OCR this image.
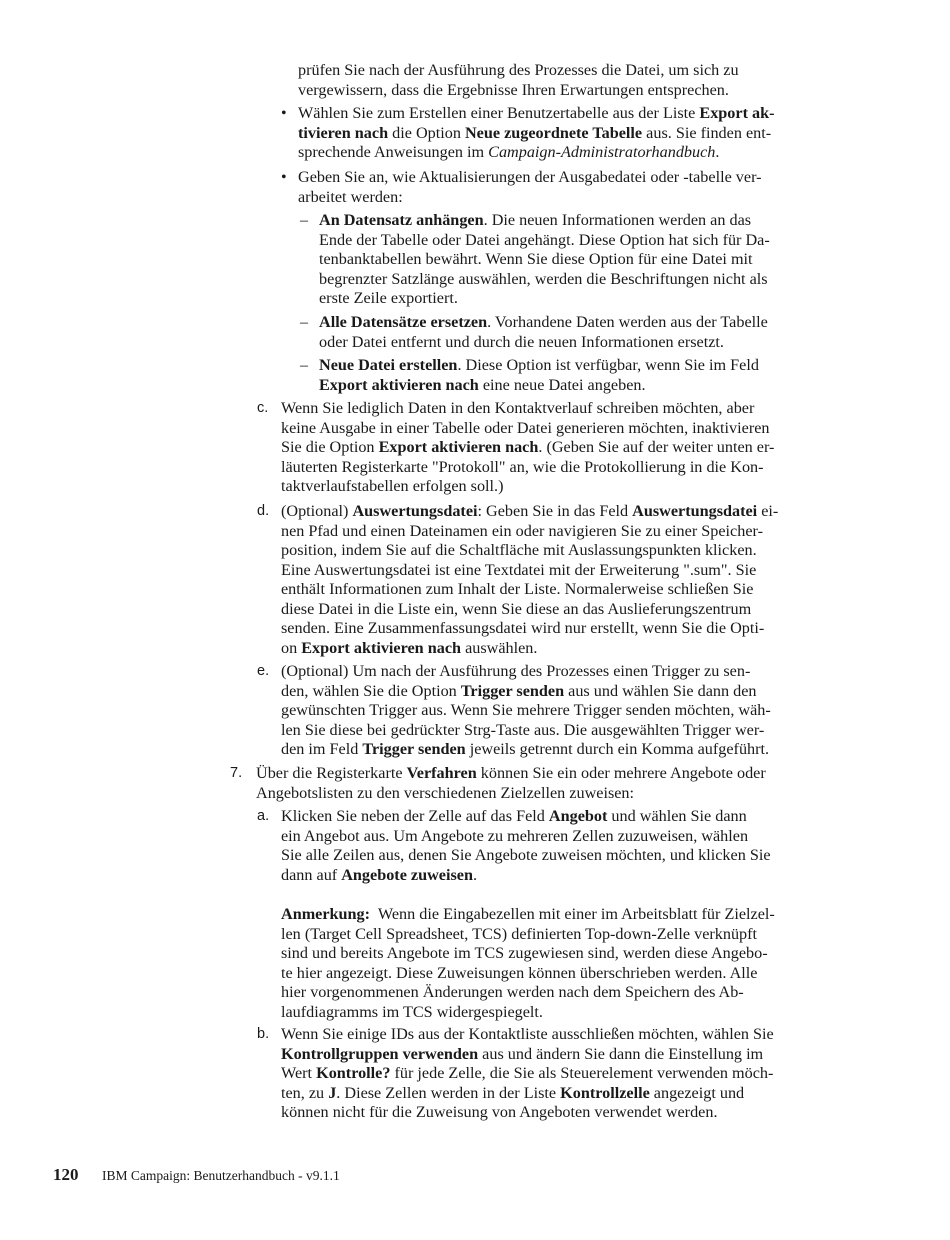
prüfen Sie nach der Ausführung des Prozesses die Datei, um sich zu
vergewissern, dass die Ergebnisse Ihren Erwartungen entsprechen.
• Wählen Sie zum Erstellen einer Benutzertabelle aus der Liste Export ak-
tivieren nach die Option Neue zugeordnete Tabelle aus. Sie finden ent-
sprechende Anweisungen im Campaign-Administratorhandbuch.
• Geben Sie an, wie Aktualisierungen der Ausgabedatei oder -tabelle ver-
arbeitet werden:
– An Datensatz anhängen. Die neuen Informationen werden an das
Ende der Tabelle oder Datei angehängt. Diese Option hat sich für Da-
tenbanktabellen bewährt. Wenn Sie diese Option für eine Datei mit
begrenzter Satzlänge auswählen, werden die Beschriftungen nicht als
erste Zeile exportiert.
– Alle Datensätze ersetzen. Vorhandene Daten werden aus der Tabelle
oder Datei entfernt und durch die neuen Informationen ersetzt.
– Neue Datei erstellen. Diese Option ist verfügbar, wenn Sie im Feld
Export aktivieren nach eine neue Datei angeben.
c. Wenn Sie lediglich Daten in den Kontaktverlauf schreiben möchten, aber
keine Ausgabe in einer Tabelle oder Datei generieren möchten, inaktivieren
Sie die Option Export aktivieren nach. (Geben Sie auf der weiter unten er-
läuterten Registerkarte "Protokoll" an, wie die Protokollierung in die Kon-
taktverlaufstabellen erfolgen soll.)
d. (Optional) Auswertungsdatei: Geben Sie in das Feld Auswertungsdatei ei-
nen Pfad und einen Dateinamen ein oder navigieren Sie zu einer Speicher-
position, indem Sie auf die Schaltfläche mit Auslassungspunkten klicken.
Eine Auswertungsdatei ist eine Textdatei mit der Erweiterung ".sum". Sie
enthält Informationen zum Inhalt der Liste. Normalerweise schließen Sie
diese Datei in die Liste ein, wenn Sie diese an das Auslieferungszentrum
senden. Eine Zusammenfassungsdatei wird nur erstellt, wenn Sie die Opti-
on Export aktivieren nach auswählen.
e. (Optional) Um nach der Ausführung des Prozesses einen Trigger zu sen-
den, wählen Sie die Option Trigger senden aus und wählen Sie dann den
gewünschten Trigger aus. Wenn Sie mehrere Trigger senden möchten, wäh-
len Sie diese bei gedrückter Strg-Taste aus. Die ausgewählten Trigger wer-
den im Feld Trigger senden jeweils getrennt durch ein Komma aufgeführt.
7. Über die Registerkarte Verfahren können Sie ein oder mehrere Angebote oder
Angebotslisten zu den verschiedenen Zielzellen zuweisen:
a. Klicken Sie neben der Zelle auf das Feld Angebot und wählen Sie dann
ein Angebot aus. Um Angebote zu mehreren Zellen zuzuweisen, wählen
Sie alle Zeilen aus, denen Sie Angebote zuweisen möchten, und klicken Sie
dann auf Angebote zuweisen.
Anmerkung:  Wenn die Eingabezellen mit einer im Arbeitsblatt für Zielzel-
len (Target Cell Spreadsheet, TCS) definierten Top-down-Zelle verknüpft
sind und bereits Angebote im TCS zugewiesen sind, werden diese Angebo-
te hier angezeigt. Diese Zuweisungen können überschrieben werden. Alle
hier vorgenommenen Änderungen werden nach dem Speichern des Ab-
laufdiagramms im TCS widergespiegelt.
b. Wenn Sie einige IDs aus der Kontaktliste ausschließen möchten, wählen Sie
Kontrollgruppen verwenden aus und ändern Sie dann die Einstellung im
Wert Kontrolle? für jede Zelle, die Sie als Steuerelement verwenden möch-
ten, zu J. Diese Zellen werden in der Liste Kontrollzelle angezeigt und
können nicht für die Zuweisung von Angeboten verwendet werden.
120 IBM Campaign: Benutzerhandbuch - v9.1.1
